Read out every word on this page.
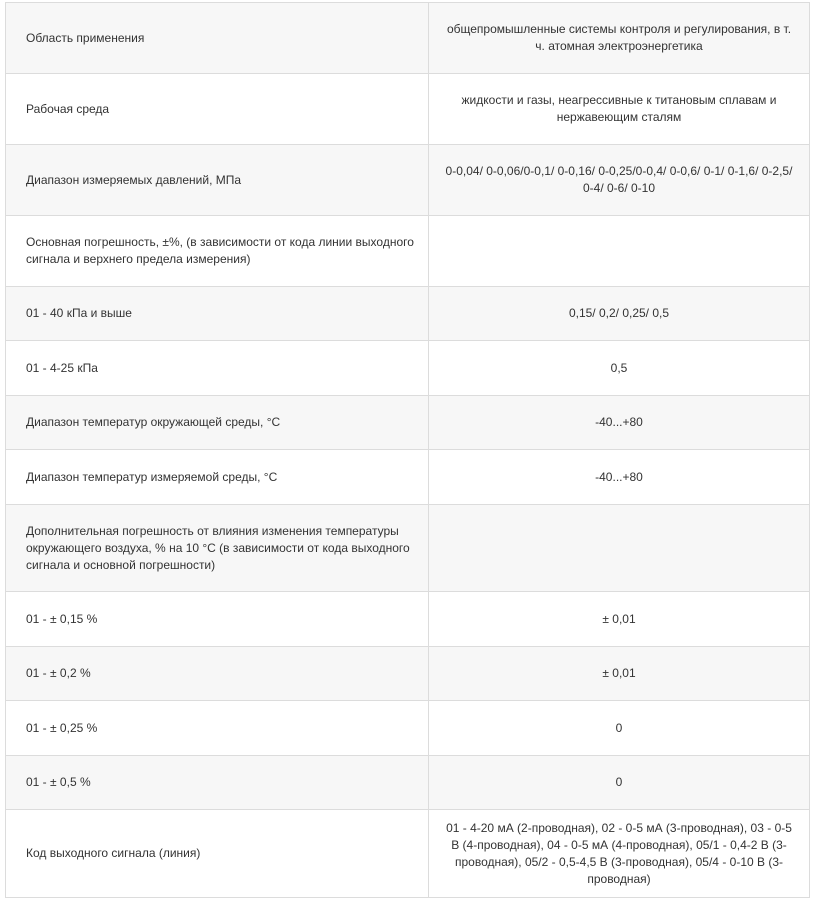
Область применения	общепромышленные системы контроля и регулирования, в т. ч. атомная электроэнергетика
Рабочая среда	жидкости и газы, неагрессивные к титановым сплавам и нержавеющим сталям
Диапазон измеряемых давлений, МПа	0-0,04/ 0-0,06/0-0,1/ 0-0,16/ 0-0,25/0-0,4/ 0-0,6/ 0-1/ 0-1,6/ 0-2,5/ 0-4/ 0-6/ 0-10
Основная погрешность, ±%, (в зависимости от кода линии выходного сигнала и верхнего предела измерения)	
01 - 40 кПа и выше	0,15/ 0,2/ 0,25/ 0,5
01 - 4-25 кПа	0,5
Диапазон температур окружающей среды, °С	-40...+80
Диапазон температур измеряемой среды, °С	-40...+80
Дополнительная погрешность от влияния изменения температуры окружающего воздуха, % на 10 °С (в зависимости от кода выходного сигнала и основной погрешности)	
01 - ± 0,15 %	± 0,01
01 - ± 0,2 %	± 0,01
01 - ± 0,25 %	0
01 - ± 0,5 %	0
Код выходного сигнала (линия)	01 - 4-20 мА (2-проводная), 02 - 0-5 мА (3-проводная), 03 - 0-5 В (4-проводная), 04 - 0-5 мА (4-проводная), 05/1 - 0,4-2 В (3-проводная), 05/2 - 0,5-4,5 В (3-проводная), 05/4 - 0-10 В (3-проводная)
